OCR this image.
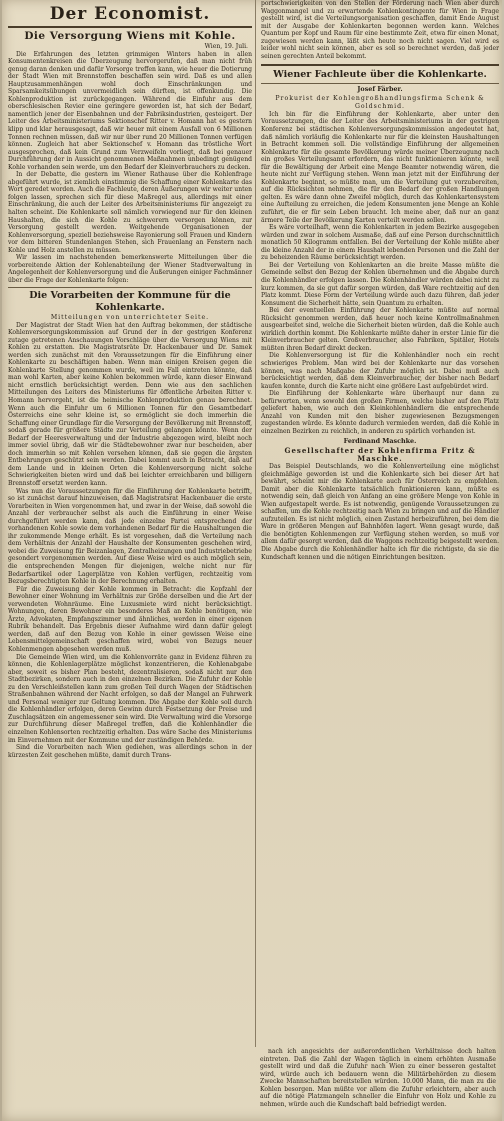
Der Economist.
Die Versorgung Wiens mit Kohle.
Wien, 19. Juli.

Die Erfahrungen des letzten grimmigen Winters haben in allen Konsumentenkreisen die Überzeugung hervorgerufen, daß man nicht früh genug daran denken und dafür Vorsorge treffen kann, wie heuer die Dotierung der Stadt Wien mit Brennstoffen beschaffen sein wird. Daß es und allen Hauptzusammenhängen wohl doch Einschränkungen und Sparsamkeitsübungen unvermeidlich sein dürften, ist offenkundig. Die Kohlenproduktion ist zurückgegangen. Während die Einfuhr aus dem oberschlesischen Revier eine geringere geworden ist, hat sich der Bedarf, namentlich jener der Eisenbahnen und der Fabriksindustrien, gesteigert. Der Leiter des Arbeitsministeriums Sektionschef Ritter v. Homann hat es gestern klipp und klar herausgesagt, daß wir heuer mit einem Ausfall von 6 Millionen Tonnen rechnen müssen, daß wir nur über rund 20 Millionen Tonnen verfügen können. Zugleich hat aber Sektionschef v. Homann das tröstliche Wort ausgesprochen, daß kein Grund zum Verzweifeln vorliegt, daß bei genauer Durchführung der in Aussicht genommenen Maßnahmen unbedingt genügend Kohle vorhanden sein werde, um den Bedarf der Kleinverbrauchers zu decken.

In der Debatte, die gestern im Wiener Rathause über die Kohlenfrage abgeführt wurde, ist ziemlich einstimmig die Schaffung einer Kohlenkarte das Wort geredet worden. Auch die Fachleute, deren Äußerungen wir weiter unten folgen lassen, sprechen sich für diese Maßregel aus, allerdings mit einer Einschränkung, die auch der Leiter des Arbeitsministeriums für angezeigt zu halten scheint. Die Kohlenkarte soll nämlich vorwiegend nur für den kleinen Haushalten, die sich die Kohle zu schwerern versorgen können, zur Versorgung gestellt werden. Weitgehende Organisationen der Kohlenversorgung, speziell beziehsweise Rayonierung soll Frauen und Kindern vor dem bitteren Stundenlangen Stehen, sich Frauenlang an Fenstern nach Kohle und Holz anstellen zu müssen.

Wir lassen im nachstehenden bemerkenswerte Mitteilungen über die vorbereitende Aktion der Kohlenabteilung der Wiener Stadtverwaltung in Angelegenheit der Kohlenversorgung und die Äußerungen einiger Fachmänner über die Frage der Kohlenkarte folgen:

Die Vorarbeiten der Kommune für die Kohlenkarte.
Mitteilungen von unterrichteter Seite.

Der Magistrat der Stadt Wien hat den Auftrag bekommen, der städtische Kohlenversorgungskommission auf Grund der in der gestrigen Konferenz zutage getretenen Anschauungen Vorschläge über die Versorgung Wiens mit Kohlen zu erstatten. Die Magistratsräte Dr. Hackenbauer und Dr. Samek werden sich zunächst mit den Voraussetzungen für die Einführung einer Kohlenkarte zu beschäftigen haben. Wenn man einigen Kreisen gegen die Kohlenkarte Stellung genommen wurde, weil im Fall eintreten könnte, daß man wohl Karten, aber keine Kohlen bekommen würde, kann dieser Einwand nicht ernstlich berücksichtigt werden. Denn wie aus den sachlichen Mitteilungen des Leiters des Ministeriums für öffentliche Arbeiten Ritter v. Homann hervorgeht, ist die heimische Kohlenproduktion genau berechnet. Wenn auch die Einfuhr um 6 Millionen Tonnen für den Gesamtbedarf Österreichs eine sehr kleine ist, so ermöglicht sie doch immerhin die Schaffung einer Grundlage für die Versorgung der Bevölkerung mit Brennstoff, sodaß gerade für größere Städte zur Verteilung gelangen könnte. Wenn der Bedarf der Heeresverwaltung und der Industrie abgezogen wird, bleibt noch immer soviel übrig, daß wir die Städtebewohner zwar nur bescheiden, aber doch immerhin so mit Kohlen versehen können, daß sie gegen die ärgsten Entbehrungen geschützt sein werden. Dabei kommt auch in Betracht, daß auf dem Lande und in kleinen Orten die Kohlenversorgung nicht solche Schwierigkeiten bieten wird und daß bei leichter erreichbaren und billigern Brennstoff ersetzt werden kann.

Was nun die Voraussetzungen für die Einführung der Kohlenkarte betrifft, so ist zunächst darauf hinzuweisen, daß Magistratsrat Hackenbauer die erste Vorarbeiten in Wien vorgenommen hat, und zwar in der Weise, daß sowohl die Anzahl der verbraucher selbst als auch die Einführung in einer Weise durchgeführt werden kann, daß jede einzelne Partei entsprechend der vorhandenen Kohle sowie dem vorhandenen Bedarf für die Haushaltungen die ihr zukommende Menge erhält. Es ist vorgesehen, daß die Verteilung nach dem Verhältnis der Anzahl der Haushalte der Konsumenten geschehen wird, wobei die Zuweisung für Beizanlagen, Zentralheizungen und Industriebetriebe gesondert vorgenommen werden. Auf diese Weise wird es auch möglich sein, die entsprechenden Mengen für diejenigen, welche nicht nur für Bedarfsartikel oder Lagerplätze von Kohlen verfügen, rechtzeitig vom Bezugsberechtigten Kohle in der Berechnung erhalten.

Für die Zuweisung der Kohle kommen in Betracht: die Kopfzahl der Bewohner einer Wohnung im Verhältnis zur Größe derselben und die Art der verwendeten Wohnräume. Eine Luxusmiete wird nicht berücksichtigt. Wohnungen, deren Bewohner ein besonderes Maß an Kohle benötigen, wie Ärzte, Advokaten, Empfangszimmer und ähnliches, werden in einer eigenen Rubrik behandelt. Das Ergebnis dieser Aufnahme wird dann dafür gelegt werden, daß auf den Bezug von Kohle in einer gewissen Weise eine Lebensmittelgemeinschaft geschaffen wird, wobei von Bezugs neuer Kohlenmengen abgesehen werden muß.

Die Gemeinde Wien wird, um die Kohlenvorräte ganz in Evidenz führen zu können, die Kohlenlagerplätze möglichst konzentrieren, die Kohlenabgabe aber, soweit es bisher Plan besteht, dezentralisieren, sodaß nicht nur den Stadtbezirken, sondern auch in den einzelnen Bezirken. Die Zufuhr der Kohle zu den Verschleißstellen kann zum großen Teil durch Wagen der Städtischen Straßenbahnen während der Nacht erfolgen, so daß der Mangel an Fuhrwerk und Personal weniger zur Geltung kommen. Die Abgabe der Kohle soll durch die Kohlenhändler erfolgen, deren Gewinn durch Festsetzung der Preise und Zuschlagsätzen ein angemessener sein wird. Die Verwaltung wird die Vorsorge zur Durchführung dieser Maßregel treffen, daß die Kohlenhändler die einzelnen Kohlensorten rechtzeitig erhalten. Das wäre Sache des Ministeriums im Einvernehmen mit der Kommune und der zuständigen Behörde.

Sind die Vorarbeiten nach Wien gediehen, was allerdings schon in der kürzesten Zeit geschehen müßte, damit durch Trans-

portschwierigkeiten von den Stellen der Förderung nach Wien aber durch Waggonmangel und zu erwartende Kohlenkontingente für Wien in Frage gestellt wird, ist die Verteilungsorganisation geschaffen, damit Ende August mit der Ausgabe der Kohlenkarten begonnen werden kann. Welches Quantum per Kopf und Raum für eine bestimmte Zeit, etwa für einen Monat, zugewiesen werden kann, läßt sich heute noch nicht sagen. Viel wird es leider wohl nicht sein können, aber es soll so berechnet werden, daß jeder seinen gerechten Anteil bekommt.

Wiener Fachleute über die Kohlenkarte.
Josef Färber.
Prokurist der Kohlengroßhandlungsfirma Schenk & Goldschmid.

Ich bin für die Einführung der Kohlenkarte, aber unter den Voraussetzungen, die der Leiter des Arbeitsministeriums in der gestrigen Konferenz bei städtischen Kohlenversorgungskommission angedeutet hat, daß nämlich vorläufig die Kohlenkarte nur für die kleinsten Haushaltungen in Betracht kommen soll. Die vollständige Einführung der allgemeinen Kohlenkarte für die gesamte Bevölkerung würde meiner Überzeugung nach ein großes Verteilungsamt erfordern, das nicht funktionieren könnte, weil für die Bewältigung der Arbeit eine Menge Beamter notwendig wären, die heute nicht zur Verfügung stehen. Wenn man jetzt mit der Einführung der Kohlenkarte beginnt, so müßte man, um die Verteilung gut vorzubereiten, auf die Rücksichten nehmen, die für den Bedarf der großen Handlungen gelten. Es wäre dann ohne Zweifel möglich, durch das Kohlenkartensystem eine Aufteilung zu erreichen, die jedem Konsumenten jene Menge an Kohle zuführt, die er für sein Leben braucht. Ich meine aber, daß nur an ganz ärmere Teile der Bevölkerung Karten verteilt werden sollen.

Es wäre vorteilhaft, wenn die Kohlenkarten in jedem Bezirke ausgegeben würden und zwar in solchem Ausmaße, daß auf eine Person durchschnittlich monatlich 50 Kilogramm entfallen. Bei der Verteilung der Kohle müßte aber die kleine Anzahl der in einem Haushalt lebenden Personen und die Zahl der zu beheizenden Räume berücksichtigt werden.

Bei der Verteilung von Kohlenkarten an die breite Masse müßte die Gemeinde selbst den Bezug der Kohlen übernehmen und die Abgabe durch die Kohlenhändler erfolgen lassen. Die Kohlenhändler würden dabei nicht zu kurz kommen, da sie gut dafür sorgen würden, daß Ware rechtzeitig auf den Platz kommt. Diese Form der Verteilung würde auch dazu führen, daß jeder Konsument die Sicherheit hätte, sein Quantum zu erhalten.

Bei der eventuellen Einführung der Kohlenkarte müßte auf normal Rücksicht genommen werden, daß heuer noch keine Kontrollmaßnahmen ausgearbeitet sind, welche die Sicherheit bieten würden, daß die Kohle auch wirklich dorthin kommt. Die Kohlenkarte müßte daher in erster Linie für die Kleinverbraucher gelten. Großverbraucher, also Fabriken, Spitäler, Hotels müßten ihren Bedarf direkt decken.

Die Kohlenversorgung ist für die Kohlenhändler noch ein recht schwieriges Problem. Man wird bei der Kohlenkarte nur das vorsehen können, was nach Maßgabe der Zufuhr möglich ist. Dabei muß auch berücksichtigt werden, daß dem Kleinverbraucher, der bisher nach Bedarf kaufen konnte, durch die Karte nicht eine größere Last aufgebürdet wird.

Die Einführung der Kohlenkarte wäre überhaupt nur dann zu befürworten, wenn sowohl den großen Firmen, welche bisher auf den Platz geliefert haben, wie auch den Kleinkohlenhändlern die entsprechende Anzahl von Kunden mit den bisher zugewiesenen Bezugsmengen zugestanden würde. Es könnte dadurch vermieden werden, daß die Kohle in einzelnen Bezirken zu reichlich, in anderen zu spärlich vorhanden ist.

Ferdinand Maschke.
Gesellschafter der Kohlenfirma Fritz & Maschke.

Das Beispiel Deutschlands, wo die Kohlenverteilung eine möglichst gleichmäßige geworden ist und die Kohlenkarte sich bei dieser Art hat bewährt, scheint mir die Kohlenkarte auch für Österreich zu empfehlen. Damit aber die Kohlenkarte tatsächlich funktionieren kann, müßte es notwendig sein, daß gleich von Anfang an eine größere Menge von Kohle in Wien aufgestapelt werde. Es ist notwendig, genügende Voraussetzungen zu schaffen, um die Kohle rechtzeitig nach Wien zu bringen und auf die Händler aufzuteilen. Es ist nicht möglich, einen Zustand herbeizuführen, bei dem die Ware in größeren Mengen auf Bahnhöfen lagert. Wenn gesagt wurde, daß die benötigten Kohlenmengen zur Verfügung stehen werden, so muß vor allem dafür gesorgt werden, daß die Waggons rechtzeitig beigestellt werden. Die Abgabe durch die Kohlenhändler halte ich für die richtigste, da sie die Kundschaft kennen und die nötigen Einrichtungen besitzen.

nach ich angesichts der außerordentlichen Verhältnisse doch halten eintreten. Daß die Zahl der Wagen täglich in einem erhöhten Ausmaße gestellt wird und daß die Zufuhr nach Wien zu einer besseren gestaltet wird, würde auch ich bedauern wenn die Militärbehörden zu diesem Zwecke Mannschaften bereitstellen würden. 10.000 Mann, die man zu die Kohlen besorgen. Man müßte vor allem die Zufuhr erleichtern, aber auch auf die nötige Platzmangeln schneller die Einfuhr von Holz und Kohle zu nehmen, würde auch die Kundschaft bald befriedigt werden.
